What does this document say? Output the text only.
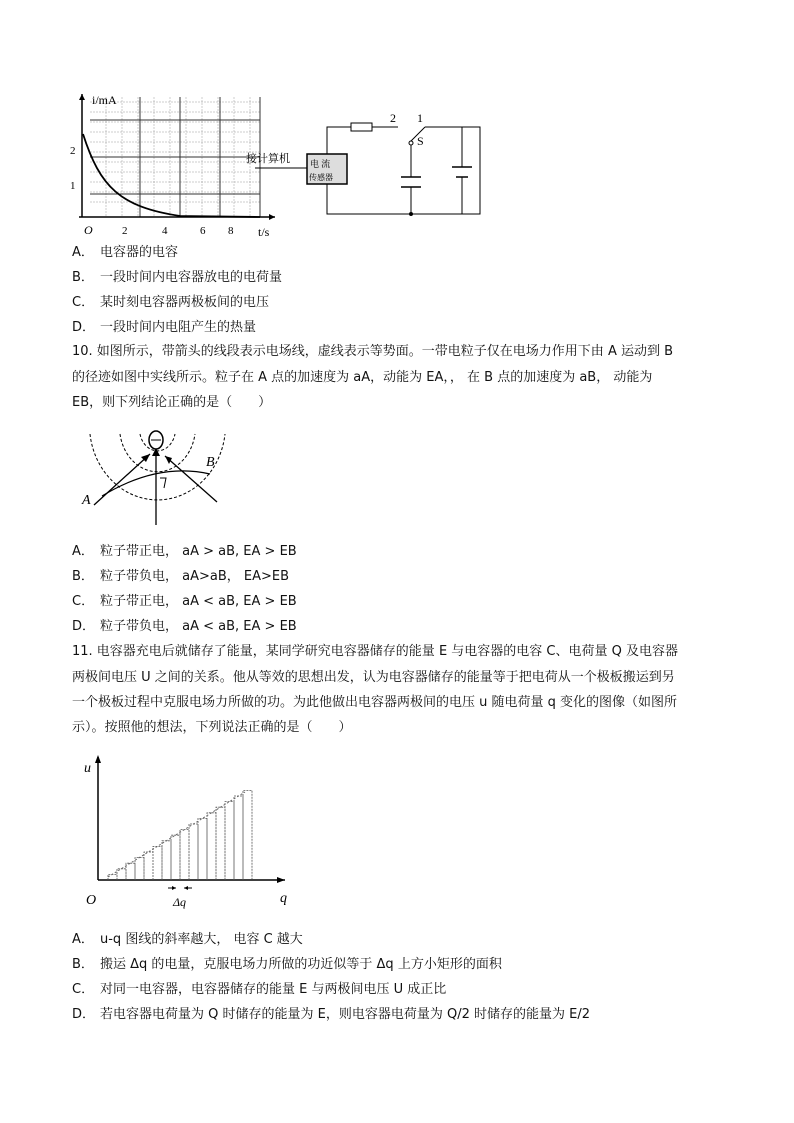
i/mA
1
2
O	2	4	6 8 t/s
接计算机 电 流
传感器
2 1
S
A． 电容器的电容
B． 一段时间内电容器放电的电荷量
C． 某时刻电容器两极板间的电压
D． 一段时间内电阻产生的热量
10. 如图所示，带箭头的线段表示电场线，虚线表示等势面。一带电粒子仅在电场力作用下由 A 运动到 B
的径迹如图中实线所示。粒子在 A 点的加速度为 aA，动能为 EA，， 在 B 点的加速度为 aB， 动能为
EB，则下列结论正确的是（　　）
A
B
F
A． 粒子带正电， aA > aB, EA > EB
B． 粒子带负电， aA>aB， EA>EB
C． 粒子带正电， aA < aB, EA > EB
D． 粒子带负电， aA < aB, EA > EB
11. 电容器充电后就储存了能量，某同学研究电容器储存的能量 E 与电容器的电容 C、电荷量 Q 及电容器
两极间电压 U 之间的关系。他从等效的思想出发，认为电容器储存的能量等于把电荷从一个极板搬运到另
一个极板过程中克服电场力所做的功。为此他做出电容器两极间的电压 u 随电荷量 q 变化的图像（如图所
示）。按照他的想法，下列说法正确的是（　　）
u
q
O	Δq
A． u-q 图线的斜率越大， 电容 C 越大
B． 搬运 Δq 的电量，克服电场力所做的功近似等于 Δq 上方小矩形的面积
C． 对同一电容器，电容器储存的能量 E 与两极间电压 U 成正比
D． 若电容器电荷量为 Q 时储存的能量为 E，则电容器电荷量为 Q/2 时储存的能量为 E/2
